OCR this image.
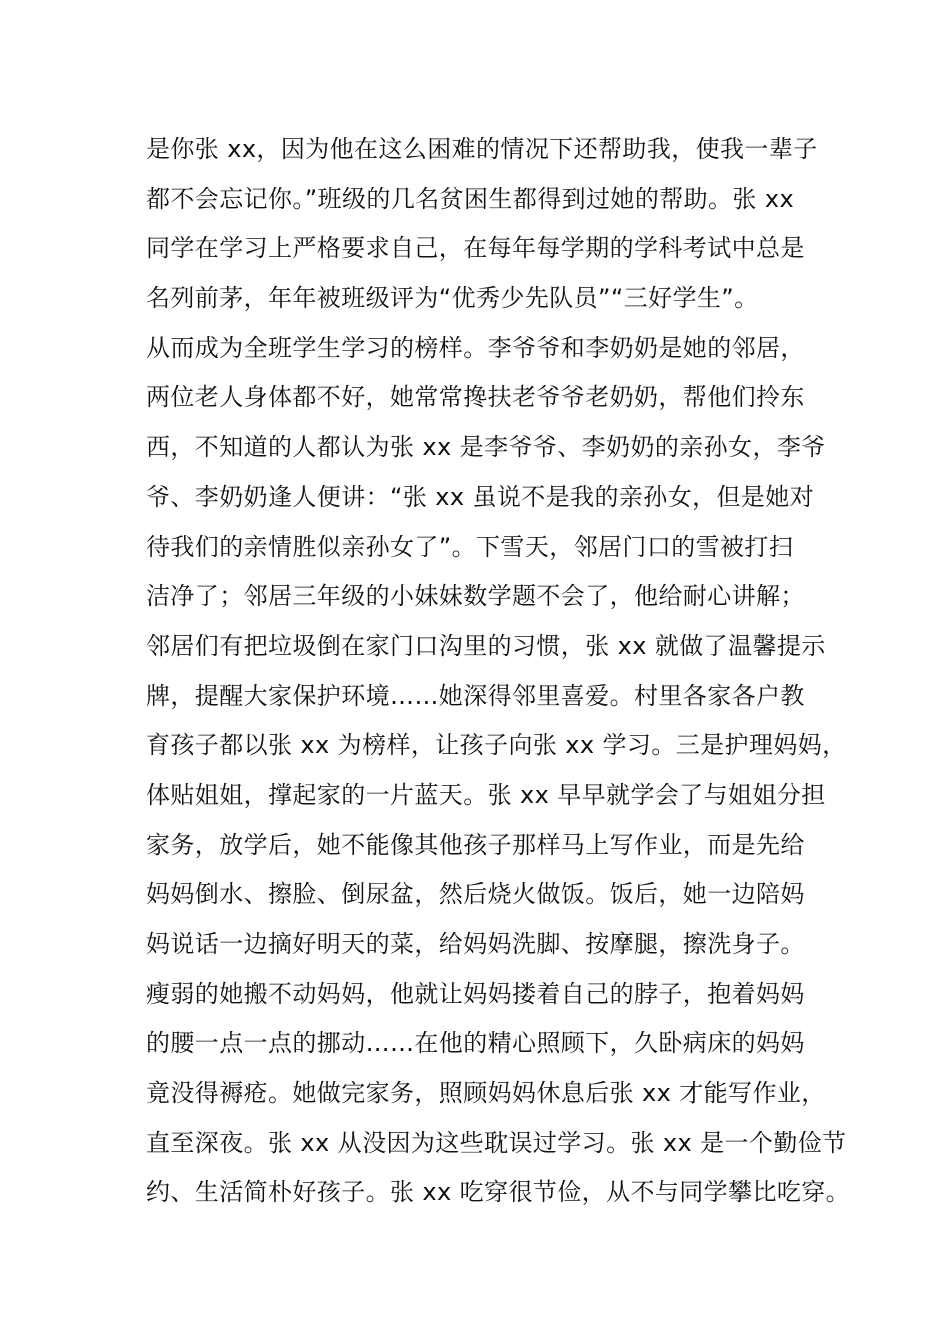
是你张 xx，因为他在这么困难的情况下还帮助我，使我一辈子
都不会忘记你。”班级的几名贫困生都得到过她的帮助。张 xx
同学在学习上严格要求自己，在每年每学期的学科考试中总是
名列前茅，年年被班级评为“优秀少先队员”“三好学生”。
从而成为全班学生学习的榜样。李爷爷和李奶奶是她的邻居，
两位老人身体都不好，她常常搀扶老爷爷老奶奶，帮他们拎东
西，不知道的人都认为张 xx 是李爷爷、李奶奶的亲孙女，李爷
爷、李奶奶逢人便讲：“张 xx 虽说不是我的亲孙女，但是她对
待我们的亲情胜似亲孙女了”。下雪天，邻居门口的雪被打扫
洁净了；邻居三年级的小妹妹数学题不会了，他给耐心讲解；
邻居们有把垃圾倒在家门口沟里的习惯，张 xx 就做了温馨提示
牌，提醒大家保护环境……她深得邻里喜爱。村里各家各户教
育孩子都以张 xx 为榜样，让孩子向张 xx 学习。三是护理妈妈，
体贴姐姐，撑起家的一片蓝天。张 xx 早早就学会了与姐姐分担
家务，放学后，她不能像其他孩子那样马上写作业，而是先给
妈妈倒水、擦脸、倒尿盆，然后烧火做饭。饭后，她一边陪妈
妈说话一边摘好明天的菜，给妈妈洗脚、按摩腿，擦洗身子。
瘦弱的她搬不动妈妈，他就让妈妈搂着自己的脖子，抱着妈妈
的腰一点一点的挪动……在他的精心照顾下，久卧病床的妈妈
竟没得褥疮。她做完家务，照顾妈妈休息后张 xx 才能写作业，
直至深夜。张 xx 从没因为这些耽误过学习。张 xx 是一个勤俭节
约、生活简朴好孩子。张 xx 吃穿很节俭，从不与同学攀比吃穿。
